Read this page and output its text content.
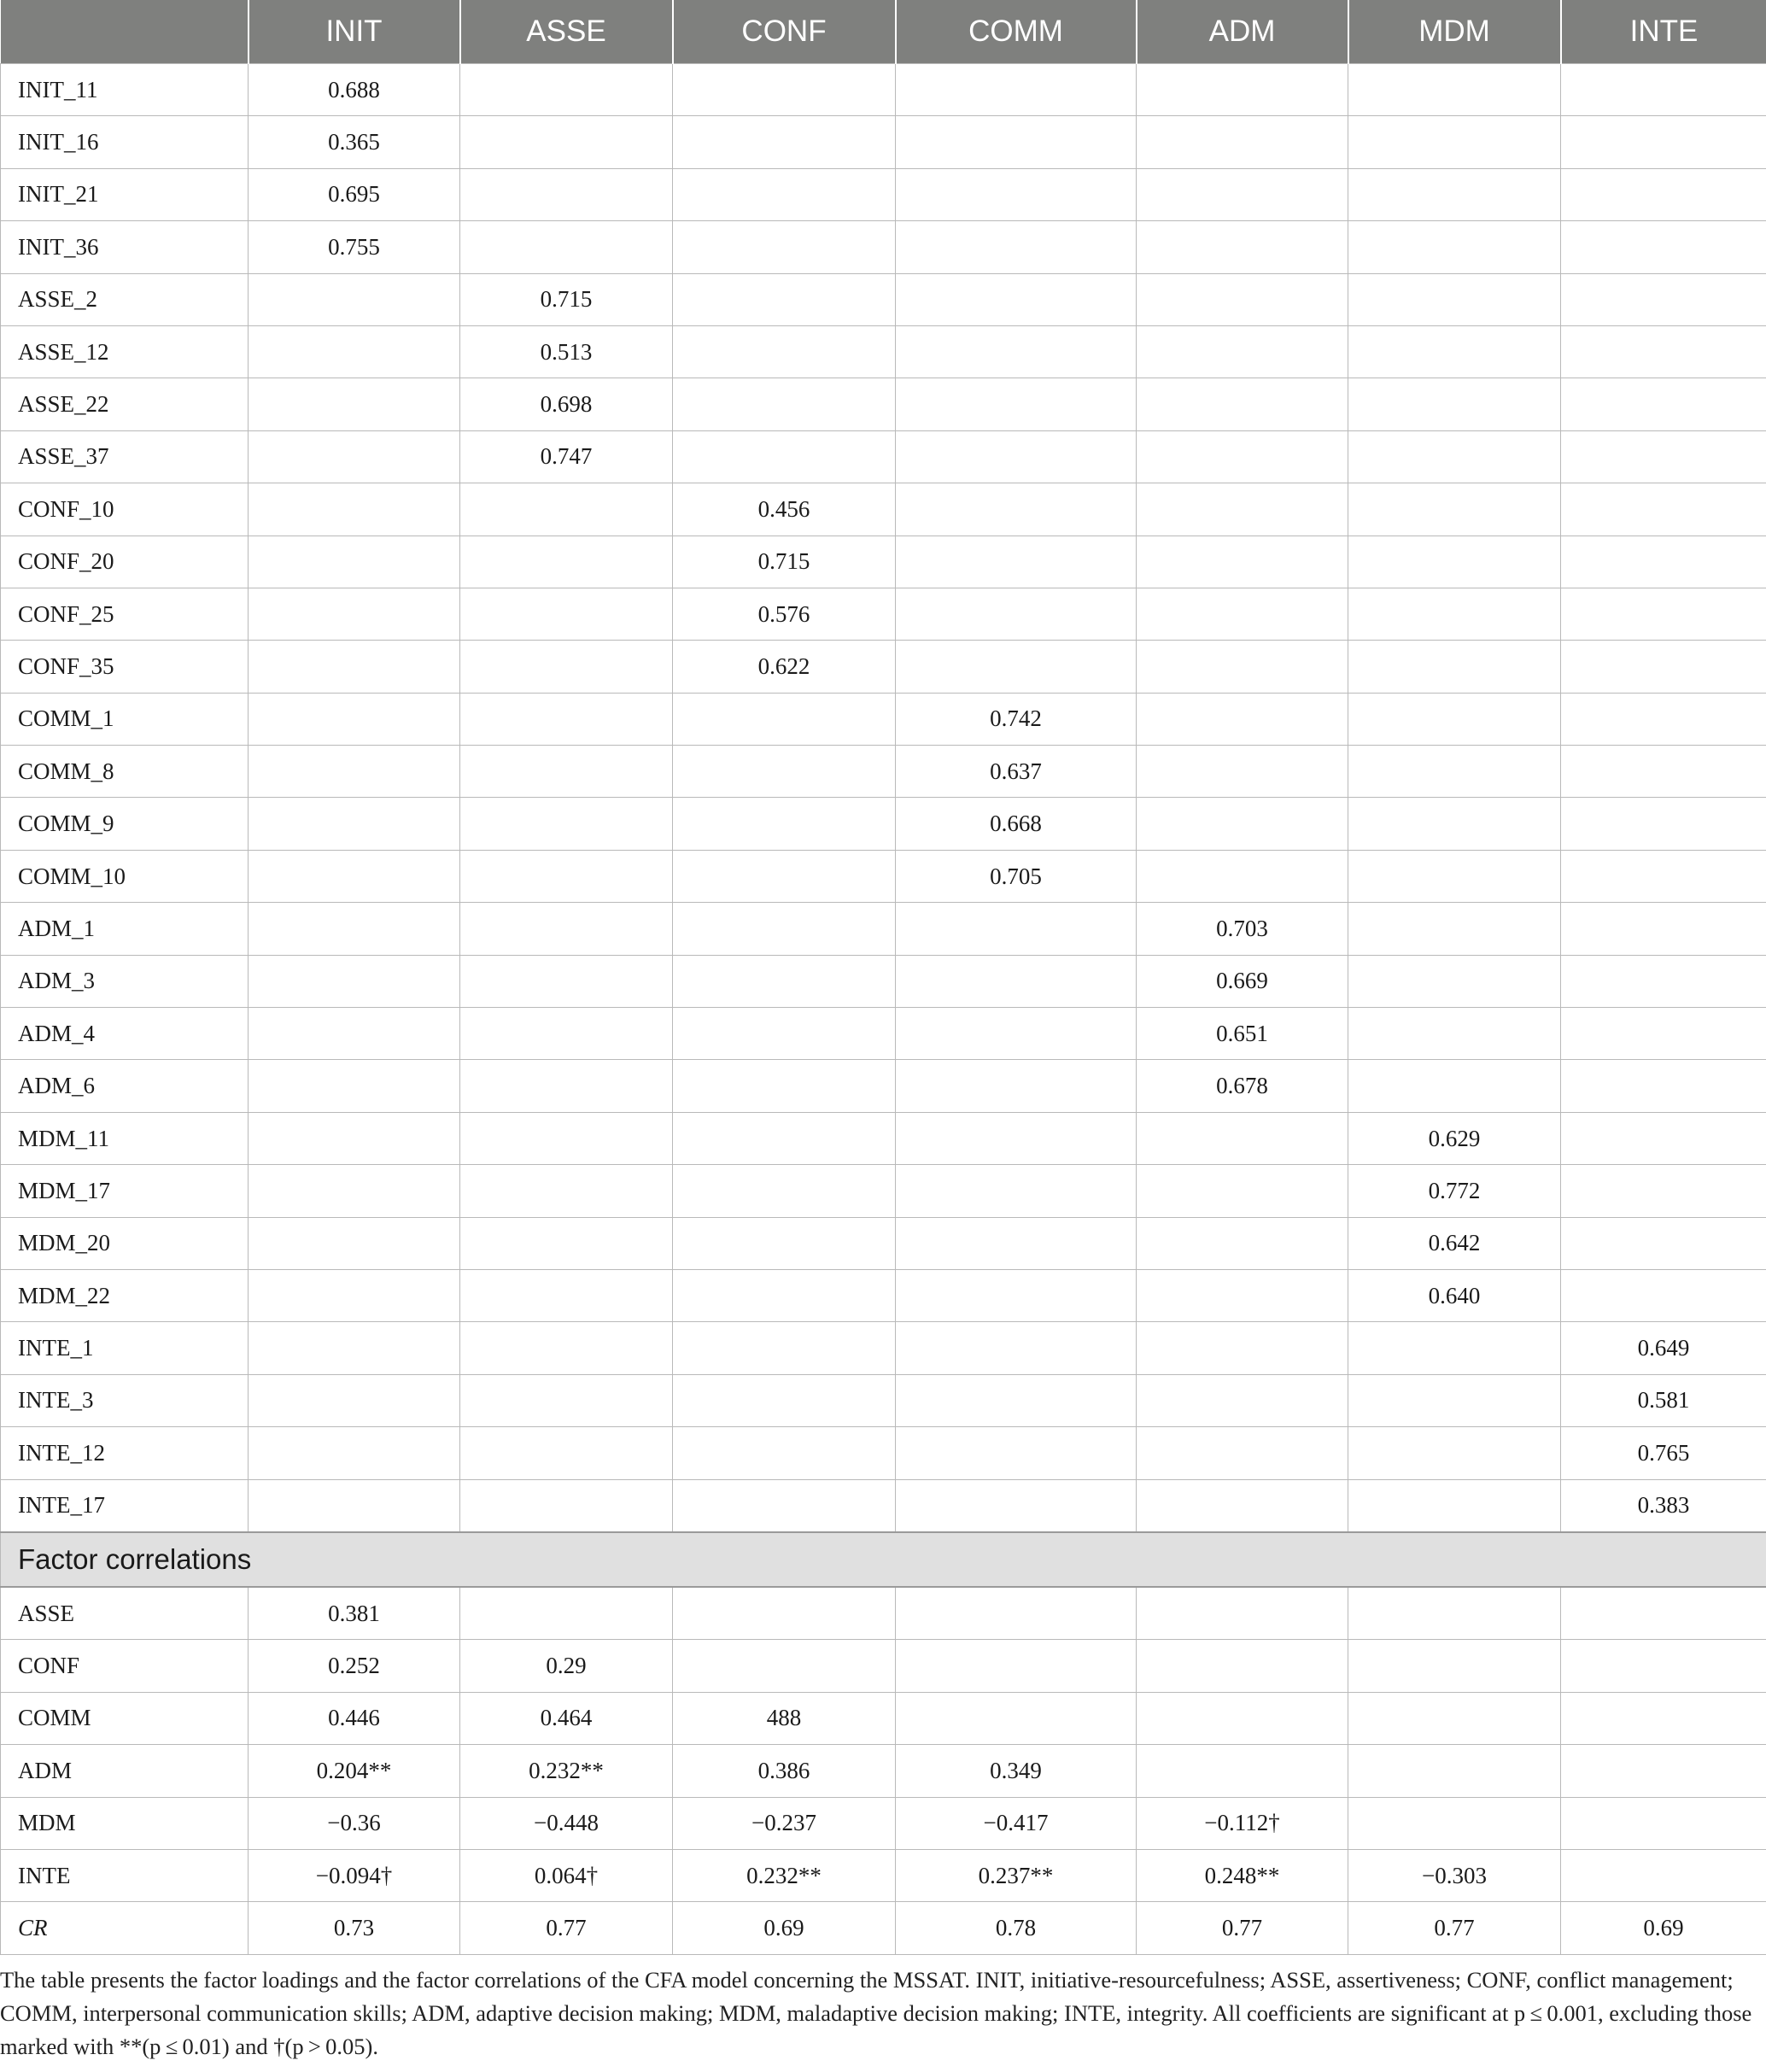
	INIT	ASSE	CONF	COMM	ADM	MDM	INTE
INIT_11	0.688						
INIT_16	0.365						
INIT_21	0.695						
INIT_36	0.755						
ASSE_2		0.715					
ASSE_12		0.513					
ASSE_22		0.698					
ASSE_37		0.747					
CONF_10			0.456				
CONF_20			0.715				
CONF_25			0.576				
CONF_35			0.622				
COMM_1				0.742			
COMM_8				0.637			
COMM_9				0.668			
COMM_10				0.705			
ADM_1					0.703		
ADM_3					0.669		
ADM_4					0.651		
ADM_6					0.678		
MDM_11						0.629	
MDM_17						0.772	
MDM_20						0.642	
MDM_22						0.640	
INTE_1							0.649
INTE_3							0.581
INTE_12							0.765
INTE_17							0.383
Factor correlations							
ASSE	0.381						
CONF	0.252	0.29					
COMM	0.446	0.464	488				
ADM	0.204**	0.232**	0.386	0.349			
MDM	−0.36	−0.448	−0.237	−0.417	−0.112†		
INTE	−0.094†	0.064†	0.232**	0.237**	0.248**	−0.303	
CR	0.73	0.77	0.69	0.78	0.77	0.77	0.69

The table presents the factor loadings and the factor correlations of the CFA model concerning the MSSAT. INIT, initiative-resourcefulness; ASSE, assertiveness; CONF, conflict management; COMM, interpersonal communication skills; ADM, adaptive decision making; MDM, maladaptive decision making; INTE, integrity. All coefficients are significant at p ≤ 0.001, excluding those marked with **(p ≤ 0.01) and †(p > 0.05).
